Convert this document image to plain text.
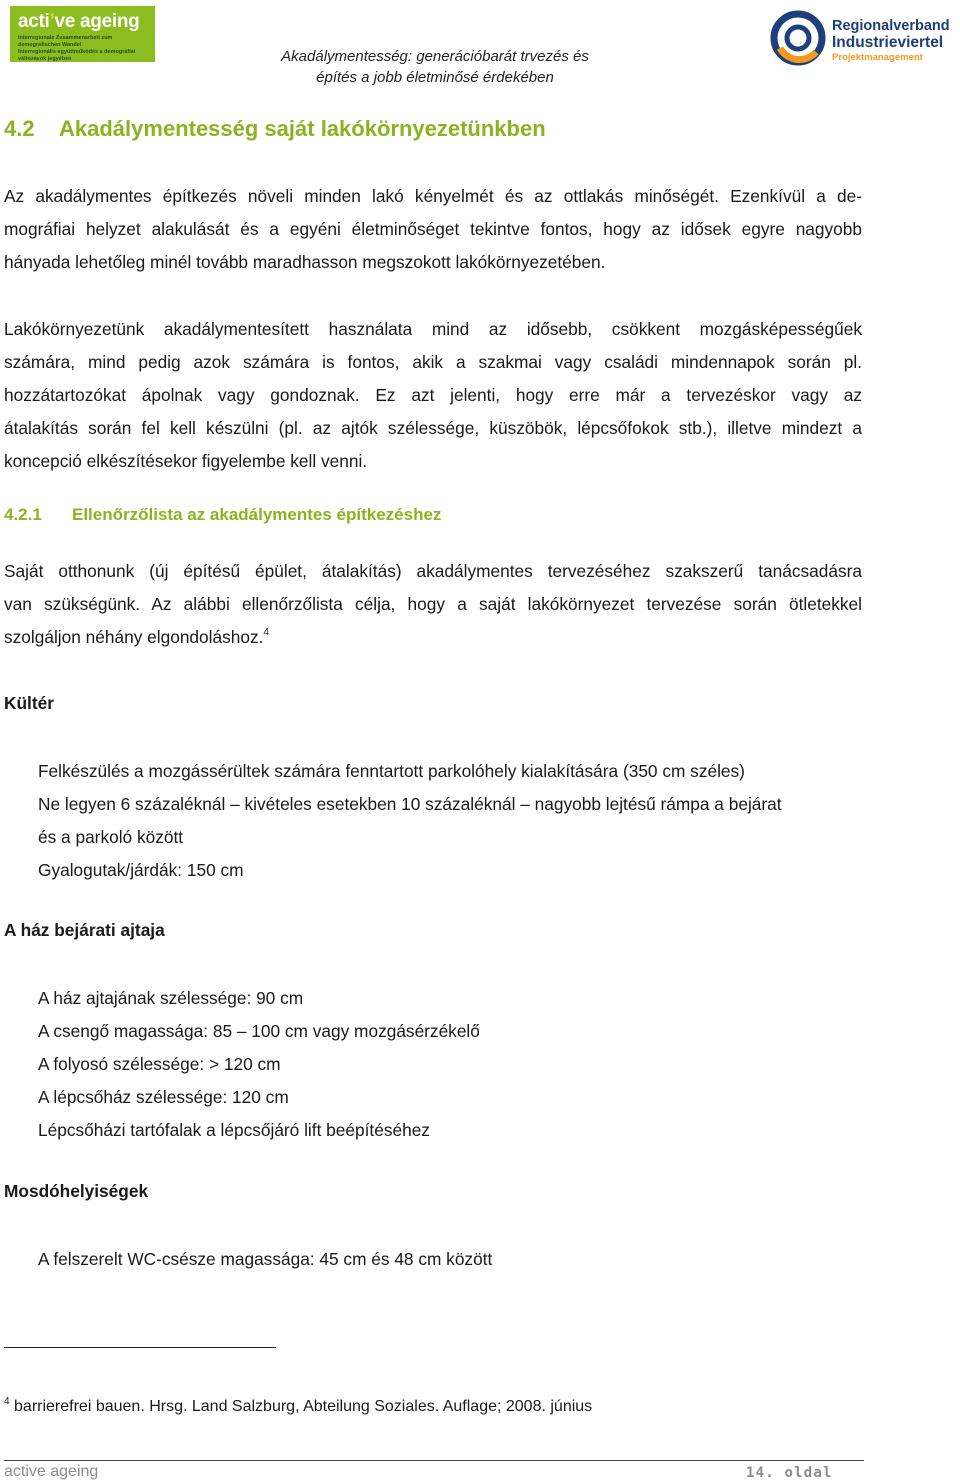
acti’ve ageing
Interregionale Zusammenarbeit zum demografischen Wandel
Interregionális együttműködés a demográfiai változások jegyében
Regionalverband
Industrieviertel
Projektmanagement
Akadálymentesség: generációbarát trvezés és
építés a jobb életminősé érdekében
4.2 Akadálymentesség saját lakókörnyezetünkben
Az akadálymentes építkezés növeli minden lakó kényelmét és az ottlakás minőségét. Ezenkívül a de-
mográfiai helyzet alakulását és a egyéni életminőséget tekintve fontos, hogy az idősek egyre nagyobb
hányada lehetőleg minél tovább maradhasson megszokott lakókörnyezetében.
Lakókörnyezetünk akadálymentesített használata mind az idősebb, csökkent mozgásképességűek
számára, mind pedig azok számára is fontos, akik a szakmai vagy családi mindennapok során pl.
hozzátartozókat ápolnak vagy gondoznak. Ez azt jelenti, hogy erre már a tervezéskor vagy az
átalakítás során fel kell készülni (pl. az ajtók szélessége, küszöbök, lépcsőfokok stb.), illetve mindezt a
koncepció elkészítésekor figyelembe kell venni.
4.2.1 Ellenőrzőlista az akadálymentes építkezéshez
Saját otthonunk (új építésű épület, átalakítás) akadálymentes tervezéséhez szakszerű tanácsadásra
van szükségünk. Az alábbi ellenőrzőlista célja, hogy a saját lakókörnyezet tervezése során ötletekkel
szolgáljon néhány elgondoláshoz.$^4$
Kültér
Felkészülés a mozgássérültek számára fenntartott parkolóhely kialakítására (350 cm széles)
Ne legyen 6 százaléknál – kivételes esetekben 10 százaléknál – nagyobb lejtésű rámpa a bejárat
és a parkoló között
Gyalogutak/járdák: 150 cm
A ház bejárati ajtaja
A ház ajtajának szélessége: 90 cm
A csengő magassága: 85 – 100 cm vagy mozgásérzékelő
A folyosó szélessége: > 120 cm
A lépcsőház szélessége: 120 cm
Lépcsőházi tartófalak a lépcsőjáró lift beépítéséhez
Mosdóhelyiségek
A felszerelt WC-csésze magassága: 45 cm és 48 cm között
$^4$ barrierefrei bauen. Hrsg. Land Salzburg, Abteilung Soziales. Auflage; 2008. június
active ageing	14. oldal
